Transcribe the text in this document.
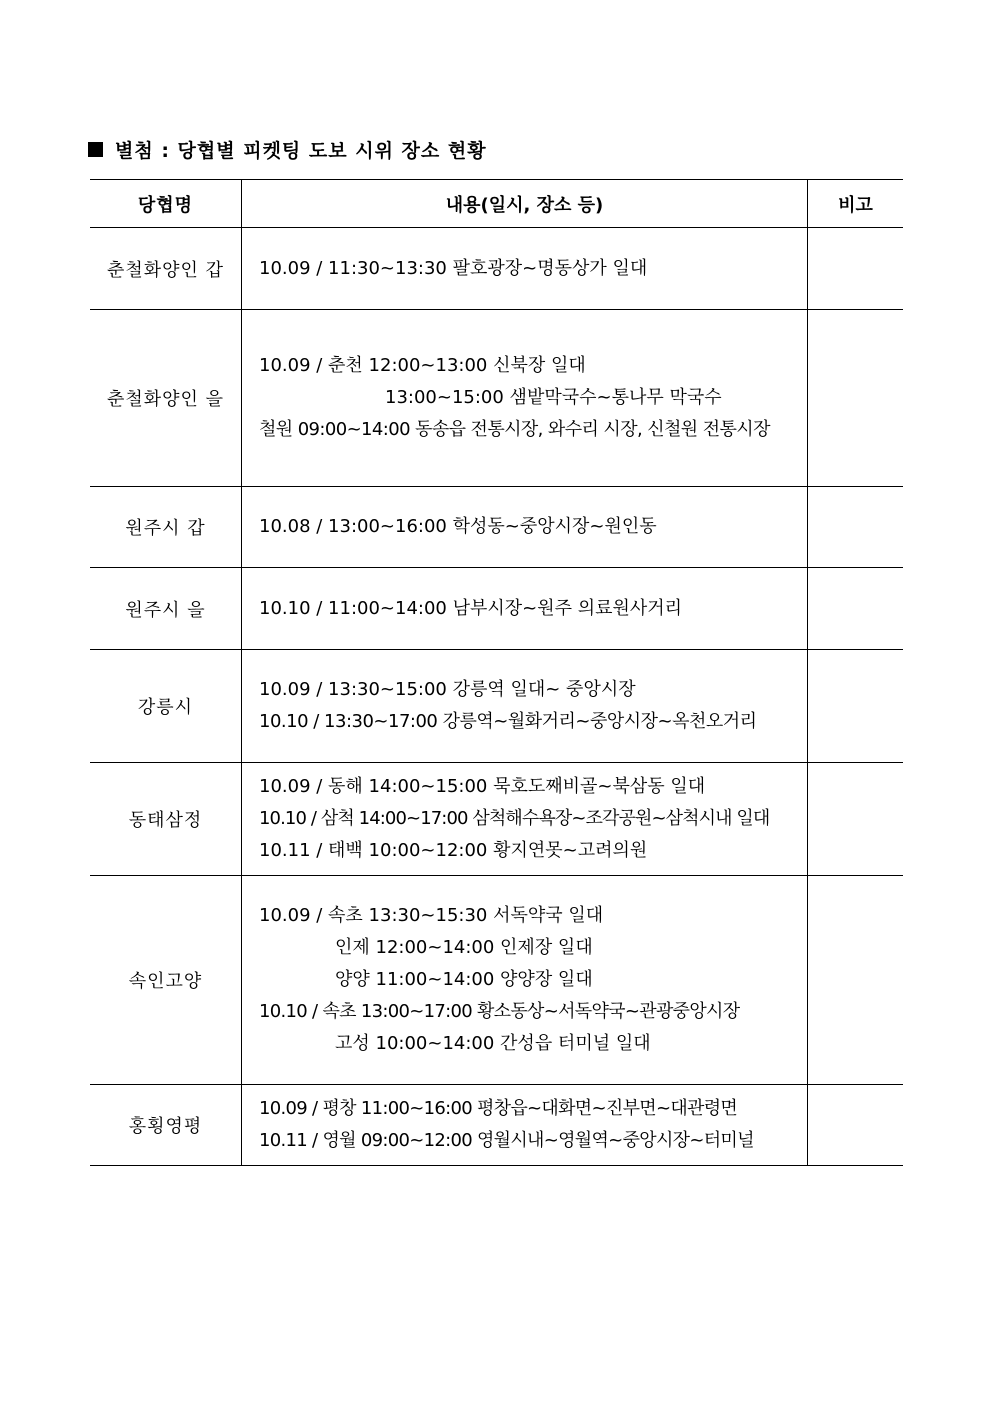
별첨 : 당협별 피켓팅 도보 시위 장소 현황
당협명	내용(일시, 장소 등)	비고
춘철화양인 갑	10.09 / 11:30~13:30 팔호광장~명동상가 일대	

춘철화양인 을	10.09 / 춘천 12:00~13:00 신북장 일대
13:00~15:00 샘밭막국수~통나무 막국수
철원 09:00~14:00 동송읍 전통시장, 와수리 시장, 신철원 전통시장	

원주시 갑	10.08 / 13:00~16:00 학성동~중앙시장~원인동	

원주시 을	10.10 / 11:00~14:00 남부시장~원주 의료원사거리	

강릉시	10.09 / 13:30~15:00 강릉역 일대~ 중앙시장
10.10 / 13:30~17:00 강릉역~월화거리~중앙시장~옥천오거리	

동태삼정	10.09 / 동해 14:00~15:00 묵호도째비골~북삼동 일대
10.10 / 삼척 14:00~17:00 삼척해수욕장~조각공원~삼척시내 일대
10.11 / 태백 10:00~12:00 황지연못~고려의원	

속인고양	10.09 / 속초 13:30~15:30 서독약국 일대
인제 12:00~14:00 인제장 일대
양양 11:00~14:00 양양장 일대
10.10 / 속초 13:00~17:00 황소동상~서독약국~관광중앙시장
고성 10:00~14:00 간성읍 터미널 일대	

홍횡영평	10.09 / 평창 11:00~16:00 평창읍~대화면~진부면~대관령면
10.11 / 영월 09:00~12:00 영월시내~영월역~중앙시장~터미널	
